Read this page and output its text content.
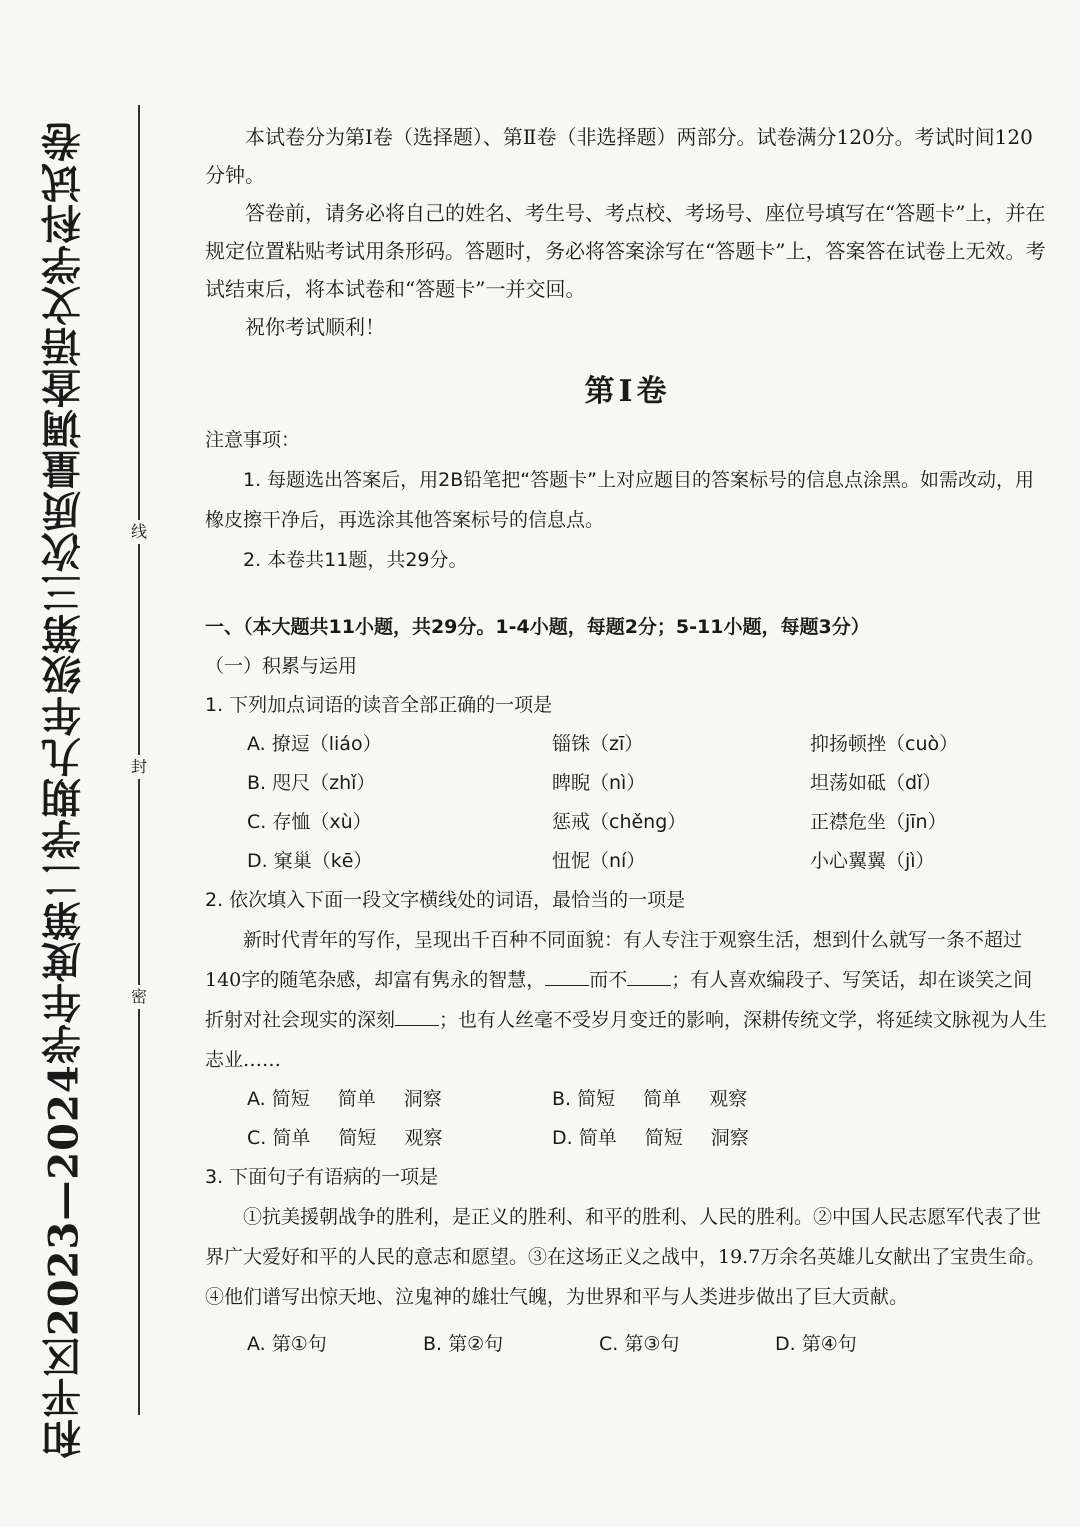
和平区2023—2024学年度第二学期九年级第三次质量调查语文学科试卷	线
封
密

本试卷分为第Ⅰ卷（选择题）、第Ⅱ卷（非选择题）两部分。试卷满分120分。考试时间120分钟。

答卷前，请务必将自己的姓名、考生号、考点校、考场号、座位号填写在“答题卡”上，并在规定位置粘贴考试用条形码。答题时，务必将答案涂写在“答题卡”上，答案答在试卷上无效。考试结束后，将本试卷和“答题卡”一并交回。

祝你考试顺利！

第Ⅰ卷

注意事项：

1. 每题选出答案后，用2B铅笔把“答题卡”上对应题目的答案标号的信息点涂黑。如需改动，用橡皮擦干净后，再选涂其他答案标号的信息点。

2. 本卷共11题，共29分。

一、（本大题共11小题，共29分。1-4小题，每题2分；5-11小题，每题3分）

（一）积累与运用

1. 下列加点词语的读音全部正确的一项是

A. 撩逗（liáo）	锱铢（zī）	抑扬顿挫（cuò）
B. 咫尺（zhǐ）	睥睨（nì）	坦荡如砥（dǐ）
C. 存恤（xù）	惩戒（chěng）	正襟危坐（jīn）
D. 窠巢（kē）	忸怩（ní）	小心翼翼（jì）

2. 依次填入下面一段文字横线处的词语，最恰当的一项是

新时代青年的写作，呈现出千百种不同面貌：有人专注于观察生活，想到什么就写一条不超过140字的随笔杂感，却富有隽永的智慧， 而不 ；有人喜欢编段子、写笑话，却在谈笑之间折射对社会现实的深刻 ；也有人丝毫不受岁月变迁的影响，深耕传统文学，将延续文脉视为人生志业……

A. 简短 简单 洞察	B. 简短 简单 观察
C. 简单 简短 观察	D. 简单 简短 洞察

3. 下面句子有语病的一项是

①抗美援朝战争的胜利，是正义的胜利、和平的胜利、人民的胜利。②中国人民志愿军代表了世界广大爱好和平的人民的意志和愿望。③在这场正义之战中，19.7万余名英雄儿女献出了宝贵生命。④他们谱写出惊天地、泣鬼神的雄壮气魄，为世界和平与人类进步做出了巨大贡献。

A. 第①句	B. 第②句	C. 第③句	D. 第④句
